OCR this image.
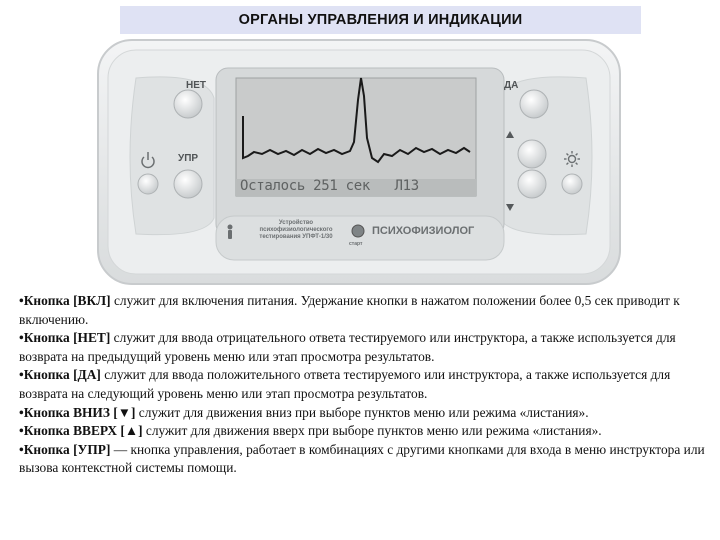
ОРГАНЫ УПРАВЛЕНИЯ И ИНДИКАЦИИ
НЕТ	ДА
УПР
Осталось 251 сек   Л13
Устройство
психофизиологического
тестирования УПФТ-1/30	ПСИХОФИЗИОЛОГ
старт

•Кнопка [ВКЛ] служит для включения питания. Удержание кнопки в нажатом положении более 0,5 сек приводит к включению.

•Кнопка [НЕТ] служит для ввода отрицательного ответа тестируемого или инструктора, а также используется для возврата на предыдущий уровень меню или этап просмотра результатов.

•Кнопка [ДА] служит для ввода положительного ответа тестируемого или инструктора, а также используется для возврата на следующий уровень меню или этап просмотра результатов.

•Кнопка ВНИЗ [▼] служит для движения вниз при выборе пунктов меню или режима «листания».

•Кнопка ВВЕРХ [▲] служит для движения вверх при выборе пунктов меню или режима «листания».

•Кнопка [УПР] — кнопка управления, работает в комбинациях с другими кнопками для входа в меню инструктора или вызова контекстной системы помощи.
